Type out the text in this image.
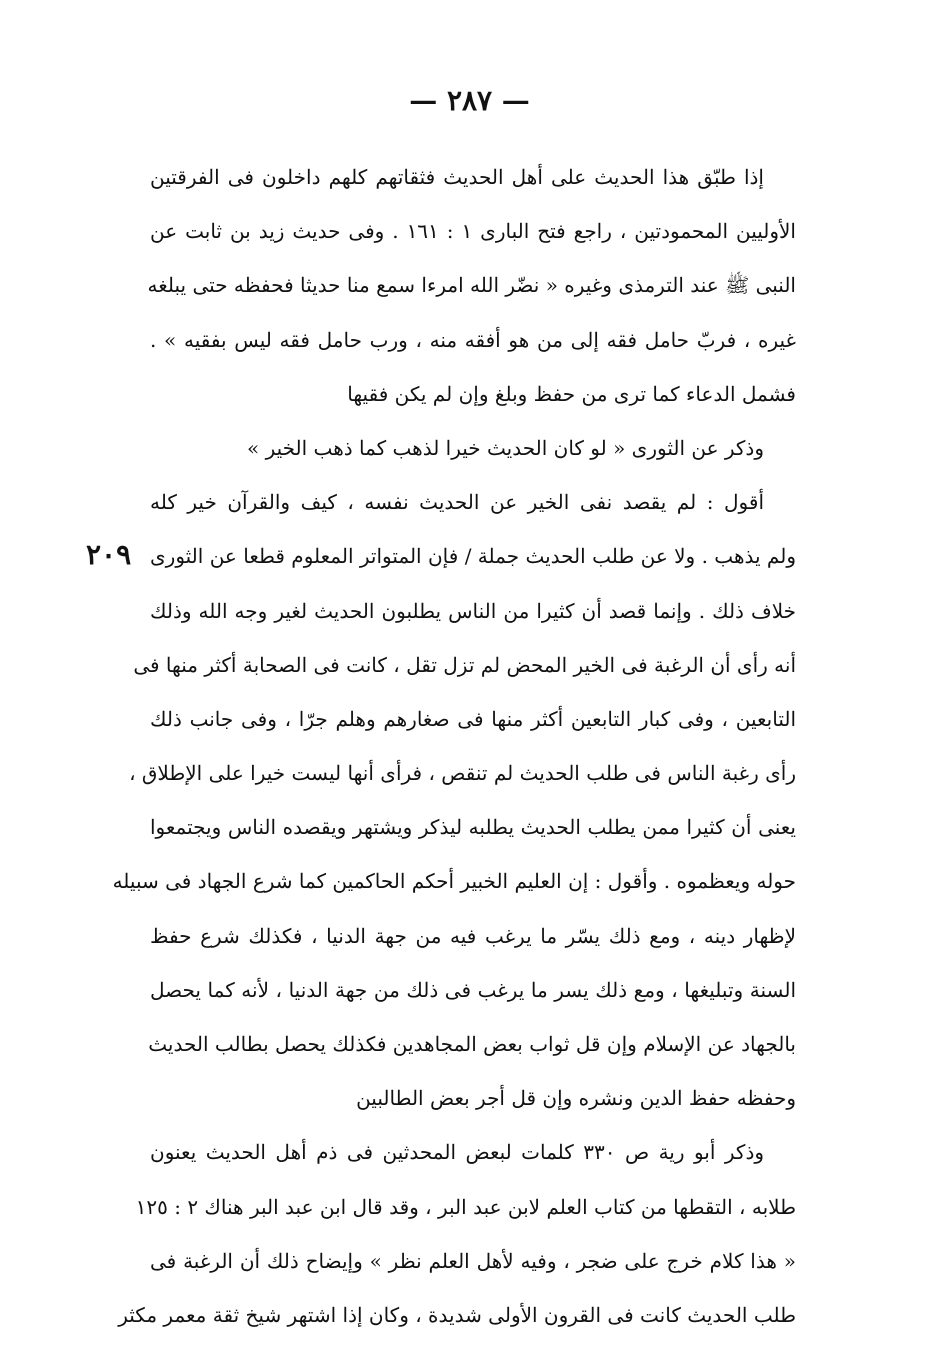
— ٢٨٧ —
٢٠٩
إذا طبّق هذا الحديث على أهل الحديث فثقاتهم كلهم داخلون فى الفرقتين
الأوليين المحمودتين ، راجع فتح البارى ١ : ١٦١ . وفى حديث زيد بن ثابت عن
النبى ﷺ عند الترمذى وغيره « نضّر الله امرءا سمع منا حديثا فحفظه حتى يبلغه
غيره ، فربّ حامل فقه إلى من هو أفقه منه ، ورب حامل فقه ليس بفقيه » .
فشمل الدعاء كما ترى من حفظ وبلغ وإن لم يكن فقيها
وذكر عن الثورى « لو كان الحديث خيرا لذهب كما ذهب الخير »
أقول : لم يقصد نفى الخير عن الحديث نفسه ، كيف والقرآن خير كله
ولم يذهب . ولا عن طلب الحديث جملة / فإن المتواتر المعلوم قطعا عن الثورى
خلاف ذلك . وإنما قصد أن كثيرا من الناس يطلبون الحديث لغير وجه الله وذلك
أنه رأى أن الرغبة فى الخير المحض لم تزل تقل ، كانت فى الصحابة أكثر منها فى
التابعين ، وفى كبار التابعين أكثر منها فى صغارهم وهلم جرّا ، وفى جانب ذلك
رأى رغبة الناس فى طلب الحديث لم تنقص ، فرأى أنها ليست خيرا على الإطلاق ،
يعنى أن كثيرا ممن يطلب الحديث يطلبه ليذكر ويشتهر ويقصده الناس ويجتمعوا
حوله ويعظموه . وأقول : إن العليم الخبير أحكم الحاكمين كما شرع الجهاد فى سبيله
لإظهار دينه ، ومع ذلك يسّر ما يرغب فيه من جهة الدنيا ، فكذلك شرع حفظ
السنة وتبليغها ، ومع ذلك يسر ما يرغب فى ذلك من جهة الدنيا ، لأنه كما يحصل
بالجهاد عن الإسلام وإن قل ثواب بعض المجاهدين فكذلك يحصل بطالب الحديث
وحفظه حفظ الدين ونشره وإن قل أجر بعض الطالبين
وذكر أبو رية ص ٣٣٠ كلمات لبعض المحدثين فى ذم أهل الحديث يعنون
طلابه ، التقطها من كتاب العلم لابن عبد البر ، وقد قال ابن عبد البر هناك ٢ : ١٢٥
« هذا كلام خرج على ضجر ، وفيه لأهل العلم نظر » وإيضاح ذلك أن الرغبة فى
طلب الحديث كانت فى القرون الأولى شديدة ، وكان إذا اشتهر شيخ ثقة معمر مكثر
